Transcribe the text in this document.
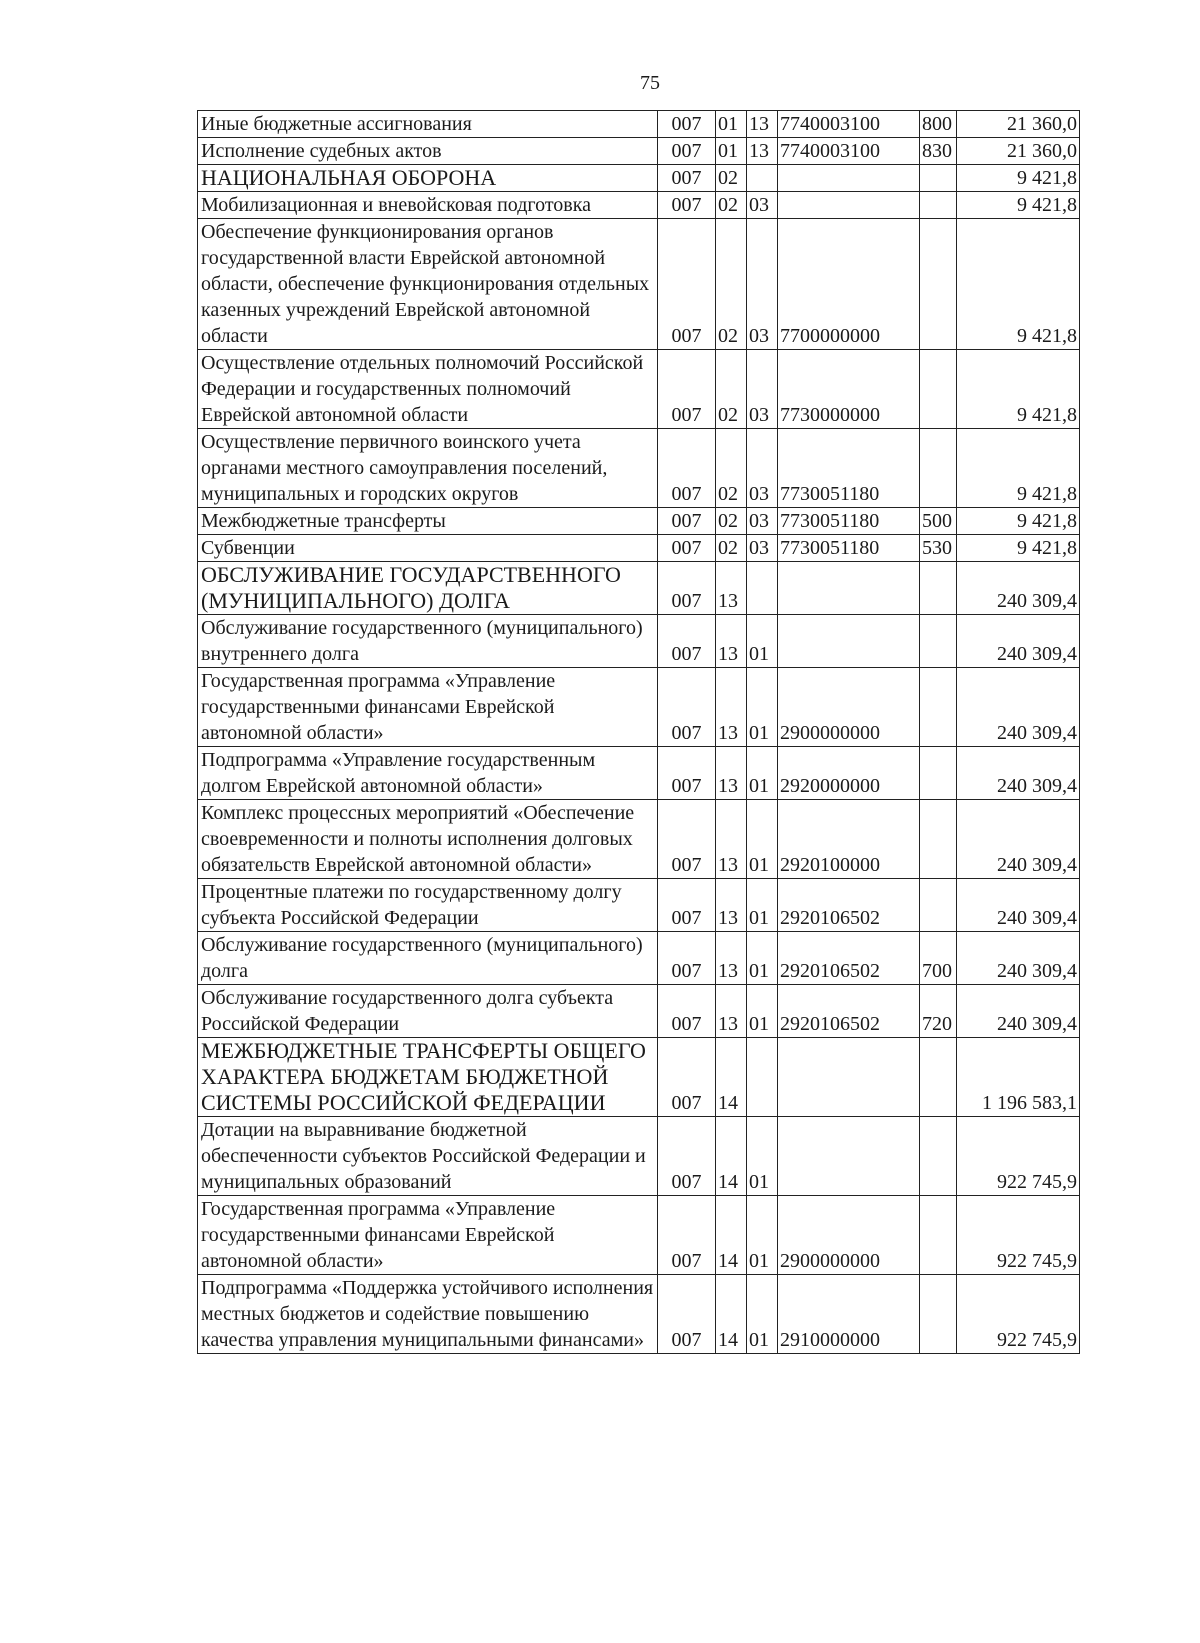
75
Иные бюджетные ассигнования	007	01	13	7740003100	800	21 360,0
Исполнение судебных актов	007	01	13	7740003100	830	21 360,0
НАЦИОНАЛЬНАЯ ОБОРОНА	007	02				9 421,8
Мобилизационная и вневойсковая подготовка	007	02	03			9 421,8
Обеспечение функционирования органов государственной власти Еврейской автономной области, обеспечение функционирования отдельных казенных учреждений Еврейской автономной области	007	02	03	7700000000		9 421,8
Осуществление отдельных полномочий Российской Федерации и государственных полномочий Еврейской автономной области	007	02	03	7730000000		9 421,8
Осуществление первичного воинского учета органами местного самоуправления поселений, муниципальных и городских округов	007	02	03	7730051180		9 421,8
Межбюджетные трансферты	007	02	03	7730051180	500	9 421,8
Субвенции	007	02	03	7730051180	530	9 421,8
ОБСЛУЖИВАНИЕ ГОСУДАРСТВЕННОГО (МУНИЦИПАЛЬНОГО) ДОЛГА	007	13				240 309,4
Обслуживание государственного (муниципального) внутреннего долга	007	13	01			240 309,4
Государственная программа «Управление государственными финансами Еврейской автономной области»	007	13	01	2900000000		240 309,4
Подпрограмма «Управление государственным долгом Еврейской автономной области»	007	13	01	2920000000		240 309,4
Комплекс процессных мероприятий «Обеспечение своевременности и полноты исполнения долговых обязательств Еврейской автономной области»	007	13	01	2920100000		240 309,4
Процентные платежи по государственному долгу субъекта Российской Федерации	007	13	01	2920106502		240 309,4
Обслуживание государственного (муниципального) долга	007	13	01	2920106502	700	240 309,4
Обслуживание государственного долга субъекта Российской Федерации	007	13	01	2920106502	720	240 309,4
МЕЖБЮДЖЕТНЫЕ ТРАНСФЕРТЫ ОБЩЕГО ХАРАКТЕРА БЮДЖЕТАМ БЮДЖЕТНОЙ СИСТЕМЫ РОССИЙСКОЙ ФЕДЕРАЦИИ	007	14				1 196 583,1
Дотации на выравнивание бюджетной обеспеченности субъектов Российской Федерации и муниципальных образований	007	14	01			922 745,9
Государственная программа «Управление государственными финансами Еврейской автономной области»	007	14	01	2900000000		922 745,9
Подпрограмма «Поддержка устойчивого исполнения местных бюджетов и содействие повышению качества управления муниципальными финансами»	007	14	01	2910000000		922 745,9
